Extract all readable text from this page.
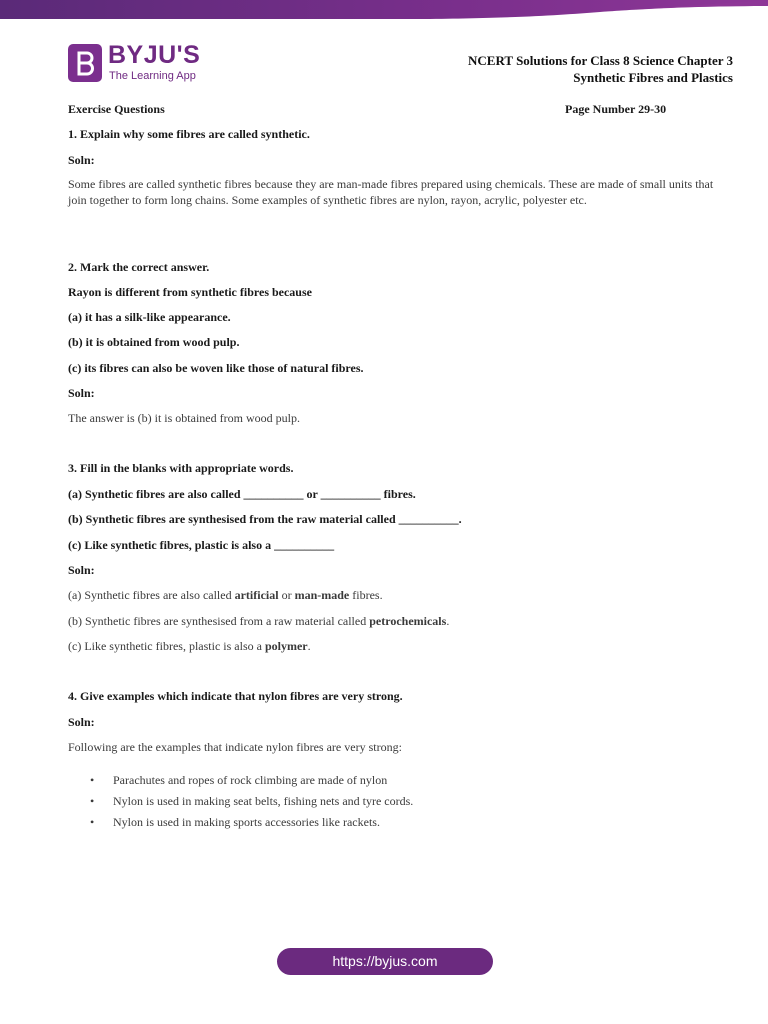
BYJU'S
The Learning App
NCERT Solutions for Class 8 Science Chapter 3
Synthetic Fibres and Plastics
Exercise Questions	Page Number 29-30
1. Explain why some fibres are called synthetic.
Soln:
Some fibres are called synthetic fibres because they are man-made fibres prepared using chemicals. These are made of small units that join together to form long chains. Some examples of synthetic fibres are nylon, rayon, acrylic, polyester etc.
2. Mark the correct answer.
Rayon is different from synthetic fibres because
(a) it has a silk-like appearance.
(b) it is obtained from wood pulp.
(c) its fibres can also be woven like those of natural fibres.
Soln:
The answer is (b) it is obtained from wood pulp.
3. Fill in the blanks with appropriate words.
(a) Synthetic fibres are also called __________ or __________ fibres.
(b) Synthetic fibres are synthesised from the raw material called __________.
(c) Like synthetic fibres, plastic is also a __________
Soln:
(a) Synthetic fibres are also called artificial or man-made fibres.
(b) Synthetic fibres are synthesised from a raw material called petrochemicals.
(c) Like synthetic fibres, plastic is also a polymer.
4. Give examples which indicate that nylon fibres are very strong.
Soln:
Following are the examples that indicate nylon fibres are very strong:
• Parachutes and ropes of rock climbing are made of nylon
• Nylon is used in making seat belts, fishing nets and tyre cords.
• Nylon is used in making sports accessories like rackets.
https://byjus.com
